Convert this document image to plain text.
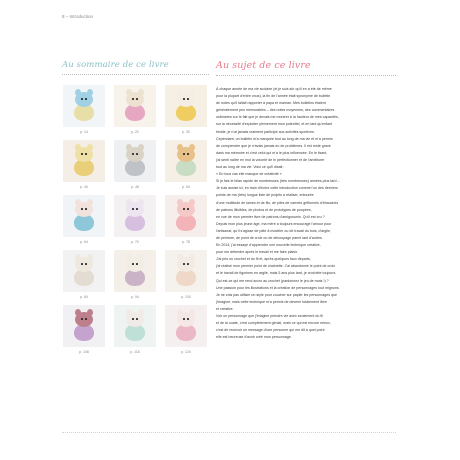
8 – Introduction
Au sommaire de ce livre
p. 14	p. 22	p. 30
p. 40	p. 48	p. 54
p. 64	p. 70	p. 78
p. 84	p. 94	p. 100
p. 108	p. 116	p. 124
Au sujet de ce livre

À chaque année de ma vie scolaire (et je suis sûr qu'il en a été de même

pour la plupart d'entre vous), la fin de l'année était synonyme de bulletin

de notes qu'il fallait rapporter à papa et maman. Mes bulletins étaient

généralement peu mémorables – des notes moyennes, des commentaires

ordinaires sur le fait que je devais me montrer à la hauteur de mes capacités,

sur la nécessité d'exploiter pleinement mon potentiel, et en tant qu'enfant

timide, je n'ai jamais vraiment participé aux activités sportives.

Cependant, un bulletin m'a marquée tout au long de ma vie et m'a permis

de comprendre que je n'avais jamais eu de problèmes. Il est resté gravé

dans ma mémoire et c'est celui qui m'a le plus influencée. En le lisant,

j'ai senti naître en moi la volonté de le perfectionner et de l'améliorer

tout au long de ma vie. Voici ce qu'il disait :

« En tous cas elle manque de créativité »

Si je fais le bilan rapide de nombreuses (très nombreuses) années plus tard…

Je suis assise ici, en train d'écrire cette introduction comme l'un des derniers

points de ma (très) longue liste de projets à réaliser, entourée

d'une multitude de laines et de fils, de piles de carnets griffonnés d'ébauches

de patrons illisibles, de photos et de prototypes de poupées,

en vue de mon premier livre de patrons d'amigurumis. Qu'il est cru ?

Depuis mon plus jeune âge, ma mère a toujours encouragé l'amour pour

l'artisanat, qu'il s'agisse de pâte à modeler ou de travail du bois, d'argile,

de peinture, de point de croix ou de découpage parmi tant d'autres.

En 2014, j'ai essayé d'apprendre une nouvelle technique créative,

pour me détendre après le travail et me faire plaisir.

J'ai pris un crochet et du fil et, après quelques faux départs,

j'ai réalisé mon premier point de chaînette. J'ai abandonné le point de croix

et le travail de figurines en argile, mais 5 ans plus tard, je crochète toujours.

Qui est-ce qui me rend accro au crochet (pardonnez le jeu de mots !) ?

Une passion pour les illustrations et la création de personnages tout mignons.

Je ne vois pas utiliser un style pour coucher sur papier les personnages que

j'imagine, mais cette technique m'a permis de devenir totalement libre

et créative.

Voir un personnage que j'imagine prendre vie avec seulement du fil

et de la ouate, c'est complètement génial, mais ce qui est encore mieux,

c'est de recevoir un message d'une personne qui me dit à quel point

elle est heureuse d'avoir créé mon personnage.
